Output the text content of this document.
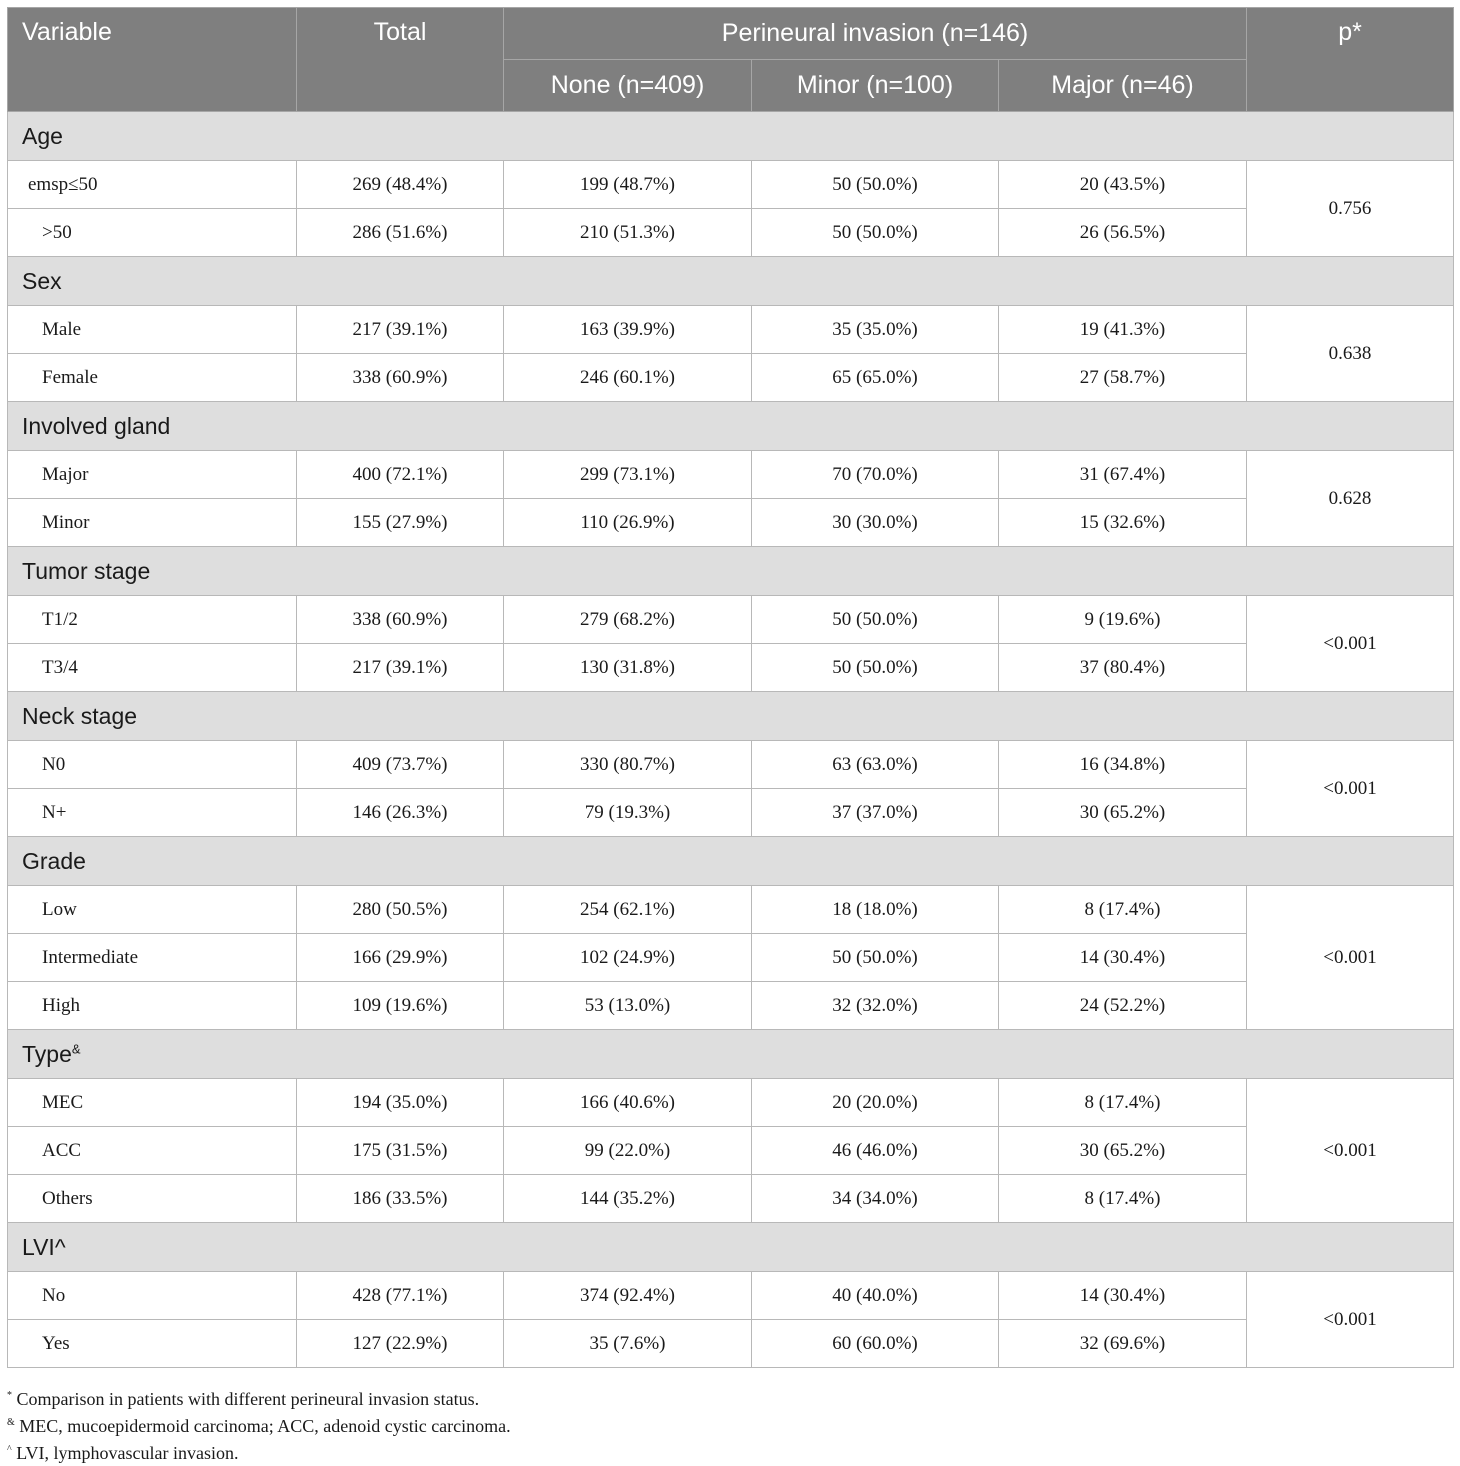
Variable	Total	Perineural invasion (n=146)			p*
		None (n=409)	Minor (n=100)	Major (n=46)	
Age					
emsp≤50	269 (48.4%)	199 (48.7%)	50 (50.0%)	20 (43.5%)	0.756
>50	286 (51.6%)	210 (51.3%)	50 (50.0%)	26 (56.5%)	
Sex					
Male	217 (39.1%)	163 (39.9%)	35 (35.0%)	19 (41.3%)	0.638
Female	338 (60.9%)	246 (60.1%)	65 (65.0%)	27 (58.7%)	
Involved gland					
Major	400 (72.1%)	299 (73.1%)	70 (70.0%)	31 (67.4%)	0.628
Minor	155 (27.9%)	110 (26.9%)	30 (30.0%)	15 (32.6%)	
Tumor stage					
T1/2	338 (60.9%)	279 (68.2%)	50 (50.0%)	9 (19.6%)	<0.001
T3/4	217 (39.1%)	130 (31.8%)	50 (50.0%)	37 (80.4%)	
Neck stage					
N0	409 (73.7%)	330 (80.7%)	63 (63.0%)	16 (34.8%)	<0.001
N+	146 (26.3%)	79 (19.3%)	37 (37.0%)	30 (65.2%)	
Grade					
Low	280 (50.5%)	254 (62.1%)	18 (18.0%)	8 (17.4%)	<0.001
Intermediate	166 (29.9%)	102 (24.9%)	50 (50.0%)	14 (30.4%)	
High	109 (19.6%)	53 (13.0%)	32 (32.0%)	24 (52.2%)	
Type&
MEC	194 (35.0%)	166 (40.6%)	20 (20.0%)	8 (17.4%)	<0.001
ACC	175 (31.5%)	99 (22.0%)	46 (46.0%)	30 (65.2%)	
Others	186 (33.5%)	144 (35.2%)	34 (34.0%)	8 (17.4%)	
LVI^					
No	428 (77.1%)	374 (92.4%)	40 (40.0%)	14 (30.4%)	<0.001
Yes	127 (22.9%)	35 (7.6%)	60 (60.0%)	32 (69.6%)	
* Comparison in patients with different perineural invasion status.
& MEC, mucoepidermoid carcinoma; ACC, adenoid cystic carcinoma.
^ LVI, lymphovascular invasion.
